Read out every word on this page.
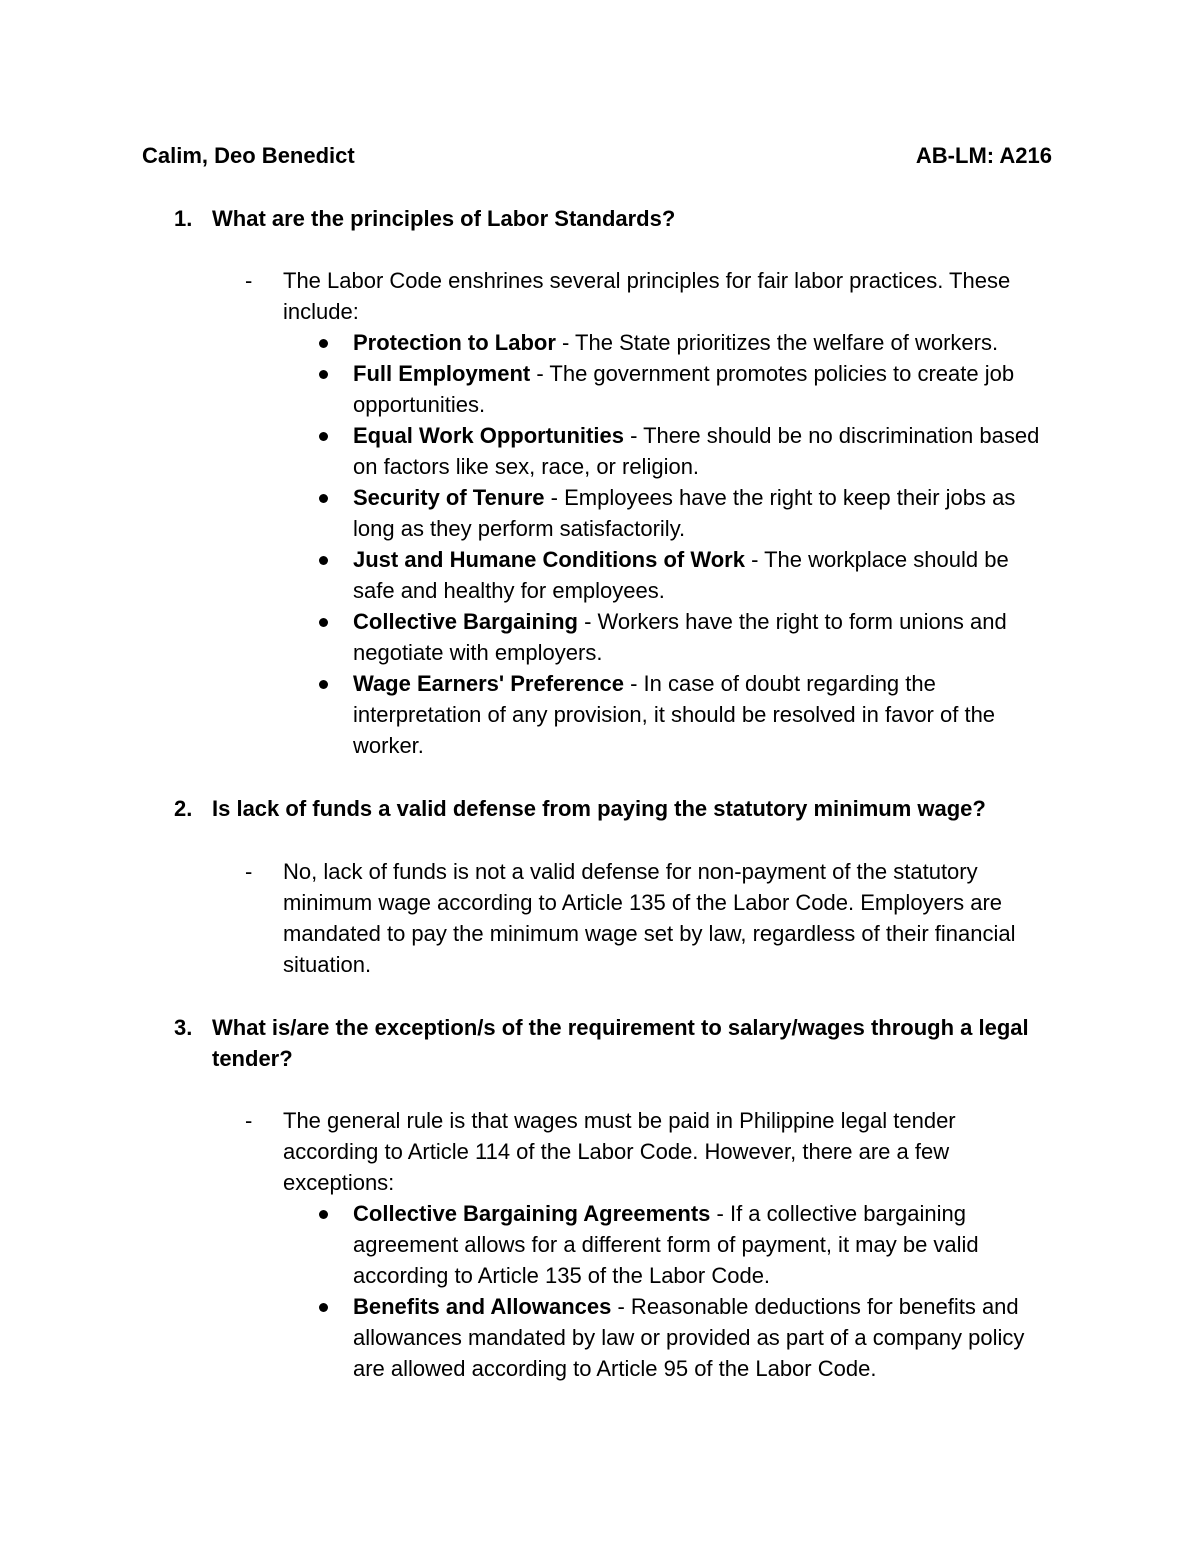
Calim, Deo Benedict	AB-LM: A216
1. What are the principles of Labor Standards?
- The Labor Code enshrines several principles for fair labor practices. These include:
Protection to Labor - The State prioritizes the welfare of workers.
Full Employment - The government promotes policies to create job opportunities.
Equal Work Opportunities - There should be no discrimination based on factors like sex, race, or religion.
Security of Tenure - Employees have the right to keep their jobs as long as they perform satisfactorily.
Just and Humane Conditions of Work - The workplace should be safe and healthy for employees.
Collective Bargaining - Workers have the right to form unions and negotiate with employers.
Wage Earners' Preference - In case of doubt regarding the interpretation of any provision, it should be resolved in favor of the worker.
2. Is lack of funds a valid defense from paying the statutory minimum wage?
- No, lack of funds is not a valid defense for non-payment of the statutory minimum wage according to Article 135 of the Labor Code. Employers are mandated to pay the minimum wage set by law, regardless of their financial situation.
3. What is/are the exception/s of the requirement to salary/wages through a legal tender?
- The general rule is that wages must be paid in Philippine legal tender according to Article 114 of the Labor Code. However, there are a few exceptions:
Collective Bargaining Agreements - If a collective bargaining agreement allows for a different form of payment, it may be valid according to Article 135 of the Labor Code.
Benefits and Allowances - Reasonable deductions for benefits and allowances mandated by law or provided as part of a company policy are allowed according to Article 95 of the Labor Code.
